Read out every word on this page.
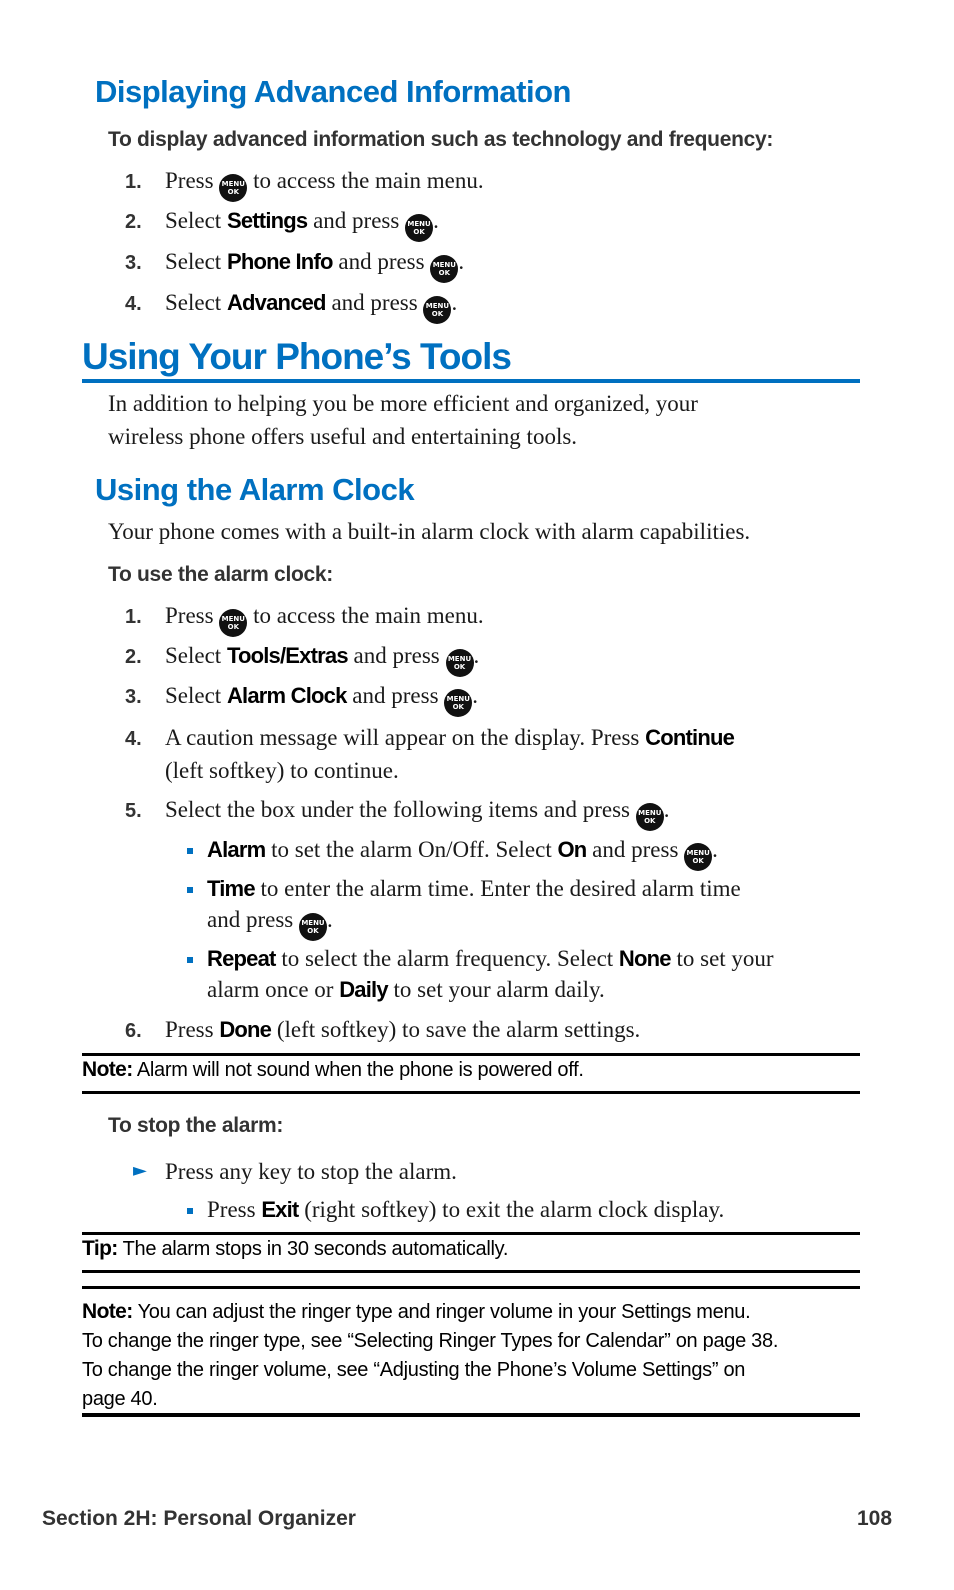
Displaying Advanced Information
To display advanced information such as technology and frequency:
1. Press MENU
OK to access the main menu.
2. Select Settings and press MENU
OK .
3. Select Phone Info and press MENU
OK .
4. Select Advanced and press MENU
OK .
Using Your Phone’s Tools
In addition to helping you be more efficient and organized, your
wireless phone offers useful and entertaining tools.
Using the Alarm Clock
Your phone comes with a built-in alarm clock with alarm capabilities.
To use the alarm clock:
1. Press MENU
OK to access the main menu.
2. Select Tools/Extras and press MENU
OK .
3. Select Alarm Clock and press MENU
OK .
4. A caution message will appear on the display. Press Continue
(left softkey) to continue.
5. Select the box under the following items and press MENU
OK .
Alarm to set the alarm On/Off. Select On and press MENU
OK .
Time to enter the alarm time. Enter the desired alarm time
and press MENU
OK .
Repeat to select the alarm frequency. Select None to set your
alarm once or Daily to set your alarm daily.
6. Press Done (left softkey) to save the alarm settings.
Note: Alarm will not sound when the phone is powered off.
To stop the alarm:
► Press any key to stop the alarm.
Press Exit (right softkey) to exit the alarm clock display.
Tip: The alarm stops in 30 seconds automatically.
Note: You can adjust the ringer type and ringer volume in your Settings menu.
To change the ringer type, see “Selecting Ringer Types for Calendar” on page 38.
To change the ringer volume, see “Adjusting the Phone’s Volume Settings” on
page 40.
Section 2H: Personal Organizer	108
